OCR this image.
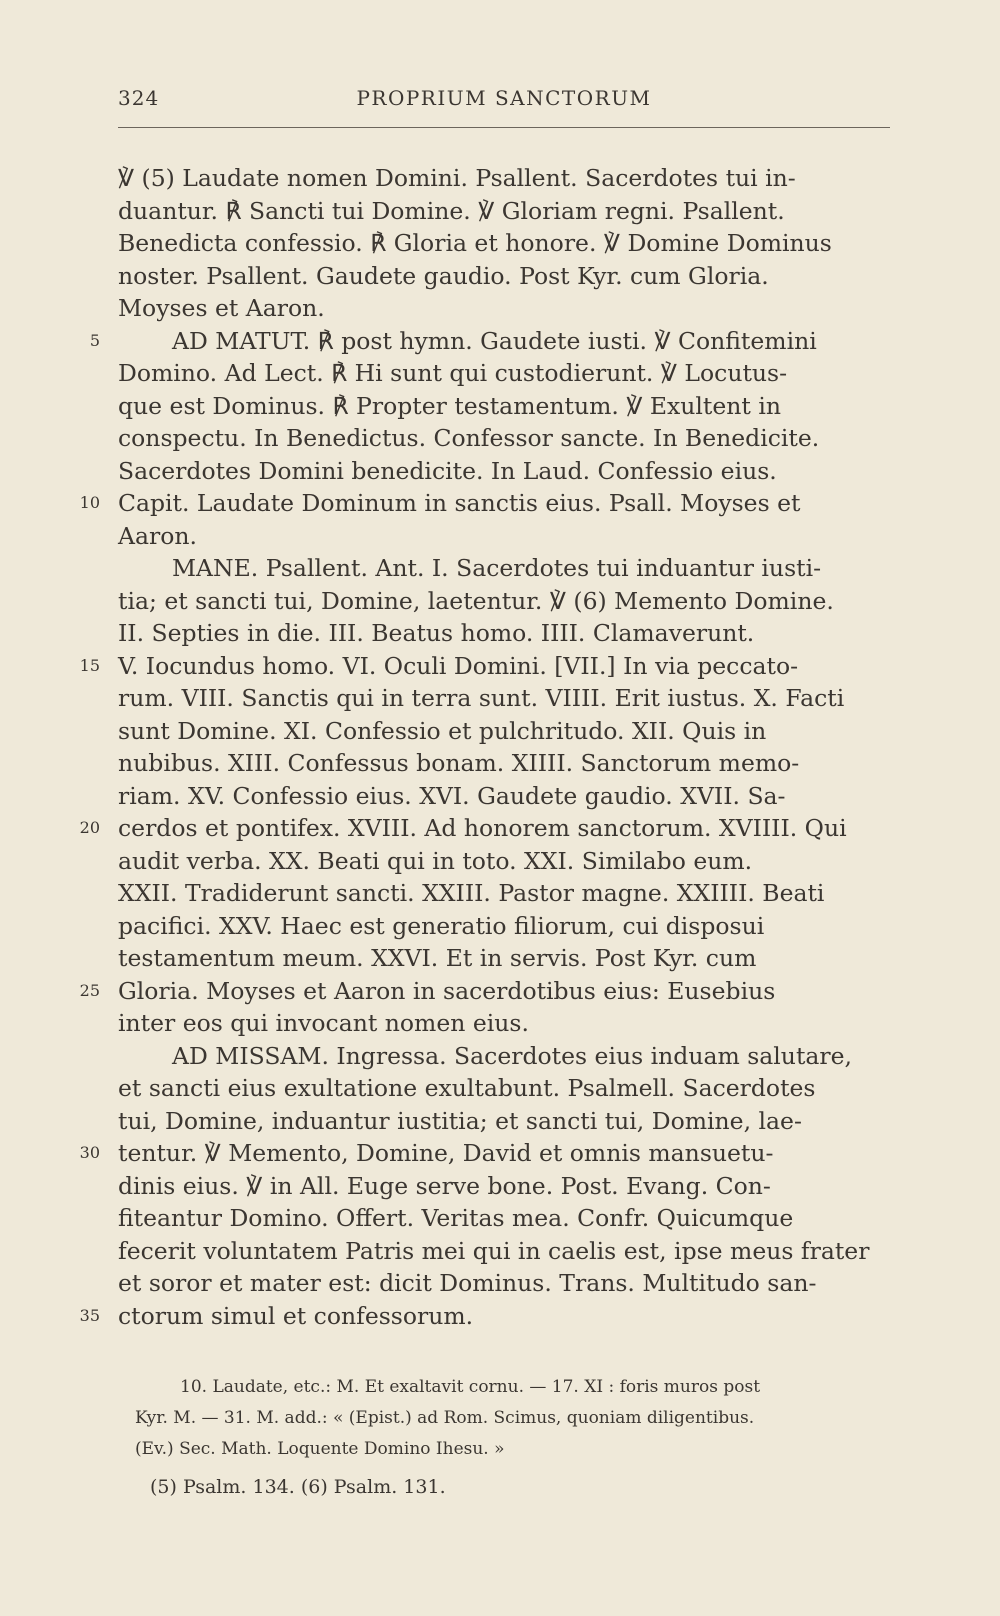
324	PROPRIUM SANCTORUM
℣ (5) Laudate nomen Domini. Psallent. Sacerdotes tui in-
duantur. ℟ Sancti tui Domine. ℣ Gloriam regni. Psallent.
Benedicta confessio. ℟ Gloria et honore. ℣ Domine Dominus
noster. Psallent. Gaudete gaudio. Post Kyr. cum Gloria.
Moyses et Aaron.
5	AD MATUT. ℟ post hymn. Gaudete iusti. ℣ Confitemini
Domino. Ad Lect. ℟ Hi sunt qui custodierunt. ℣ Locutus-
que est Dominus. ℟ Propter testamentum. ℣ Exultent in
conspectu. In Benedictus. Confessor sancte. In Benedicite.
Sacerdotes Domini benedicite. In Laud. Confessio eius.
10 Capit. Laudate Dominum in sanctis eius. Psall. Moyses et
Aaron.
MANE. Psallent. Ant. I. Sacerdotes tui induantur iusti-
tia; et sancti tui, Domine, laetentur. ℣ (6) Memento Domine.
II. Septies in die. III. Beatus homo. IIII. Clamaverunt.
15 V. Iocundus homo. VI. Oculi Domini. [VII.] In via peccato-
rum. VIII. Sanctis qui in terra sunt. VIIII. Erit iustus. X. Facti
sunt Domine. XI. Confessio et pulchritudo. XII. Quis in
nubibus. XIII. Confessus bonam. XIIII. Sanctorum memo-
riam. XV. Confessio eius. XVI. Gaudete gaudio. XVII. Sa-
20 cerdos et pontifex. XVIII. Ad honorem sanctorum. XVIIII. Qui
audit verba. XX. Beati qui in toto. XXI. Similabo eum.
XXII. Tradiderunt sancti. XXIII. Pastor magne. XXIIII. Beati
pacifici. XXV. Haec est generatio filiorum, cui disposui
testamentum meum. XXVI. Et in servis. Post Kyr. cum
25 Gloria. Moyses et Aaron in sacerdotibus eius: Eusebius
inter eos qui invocant nomen eius.
AD MISSAM. Ingressa. Sacerdotes eius induam salutare,
et sancti eius exultatione exultabunt. Psalmell. Sacerdotes
tui, Domine, induantur iustitia; et sancti tui, Domine, lae-
30 tentur. ℣ Memento, Domine, David et omnis mansuetu-
dinis eius. ℣ in All. Euge serve bone. Post. Evang. Con-
fiteantur Domino. Offert. Veritas mea. Confr. Quicumque
fecerit voluntatem Patris mei qui in caelis est, ipse meus frater
et soror et mater est: dicit Dominus. Trans. Multitudo san-
35 ctorum simul et confessorum.
10. Laudate, etc.: M. Et exaltavit cornu. — 17. XI : foris muros post
Kyr. M. — 31. M. add.: « (Epist.) ad Rom. Scimus, quoniam diligentibus.
(Ev.) Sec. Math. Loquente Domino Ihesu. »
(5) Psalm. 134. (6) Psalm. 131.
